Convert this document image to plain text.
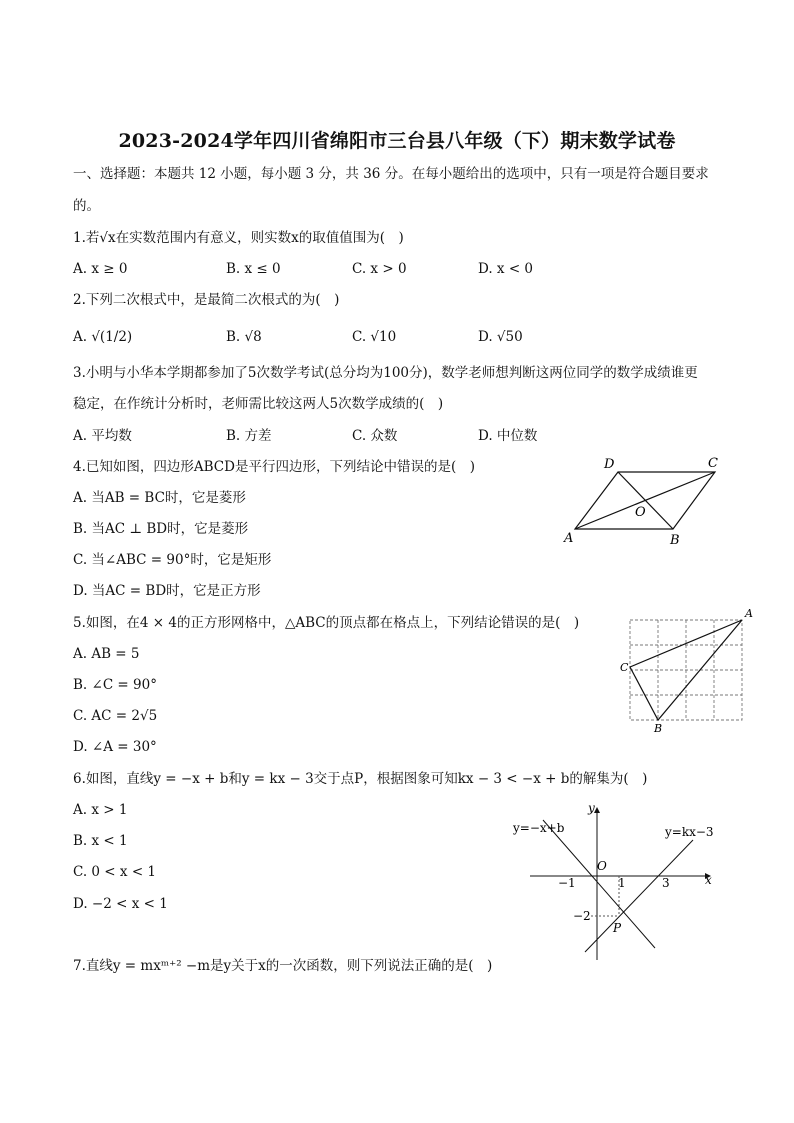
2023-2024学年四川省绵阳市三台县八年级（下）期末数学试卷
一、选择题：本题共 12 小题，每小题 3 分，共 36 分。在每小题给出的选项中，只有一项是符合题目要求
的。
1.若√x在实数范围内有意义，则实数x的取值值围为(　)
A. x ≥ 0	B. x ≤ 0	C. x > 0	D. x < 0
2.下列二次根式中，是最简二次根式的为(　)
A. √(1/2)	B. √8	C. √10	D. √50
3.小明与小华本学期都参加了5次数学考试(总分均为100分)，数学老师想判断这两位同学的数学成绩谁更
稳定，在作统计分析时，老师需比较这两人5次数学成绩的(　)
A. 平均数	B. 方差	C. 众数	D. 中位数
4.已知如图，四边形ABCD是平行四边形，下列结论中错误的是(　)
A. 当AB = BC时，它是菱形
B. 当AC ⊥ BD时，它是菱形
C. 当∠ABC = 90°时，它是矩形
D. 当AC = BD时，它是正方形
D	C
A	B
O
5.如图，在4 × 4的正方形网格中，△ABC的顶点都在格点上，下列结论错误的是(　)
A. AB = 5
B. ∠C = 90°
C. AC = 2√5
D. ∠A = 30°
A
C
B
6.如图，直线y = −x + b和y = kx − 3交于点P，根据图象可知kx − 3 < −x + b的解集为(　)
A. x > 1
B. x < 1
C. 0 < x < 1
D. −2 < x < 1
y=−x+b	y=kx−3
y
x
O
−1	1	3
−2
P
7.直线y = mxᵐ⁺² −m是y关于x的一次函数，则下列说法正确的是(　)
